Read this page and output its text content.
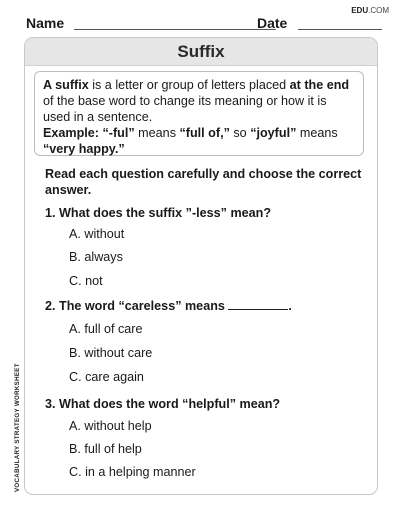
EDU.COM
Name	Date
Suffix
A suffix is a letter or group of letters placed at the end of the base word to change its meaning or how it is used in a sentence.
Example: “-ful” means “full of,” so “joyful” means “very happy.”
Read each question carefully and choose the correct answer.
1. What does the suffix ”-less” mean?
A. without
B. always
C. not
2. The word “careless” means	.
A. full of care
B. without care
C. care again
3. What does the word “helpful” mean?
A. without help
B. full of help
C. in a helping manner
VOCABULARY STRATEGY WORKSHEET
